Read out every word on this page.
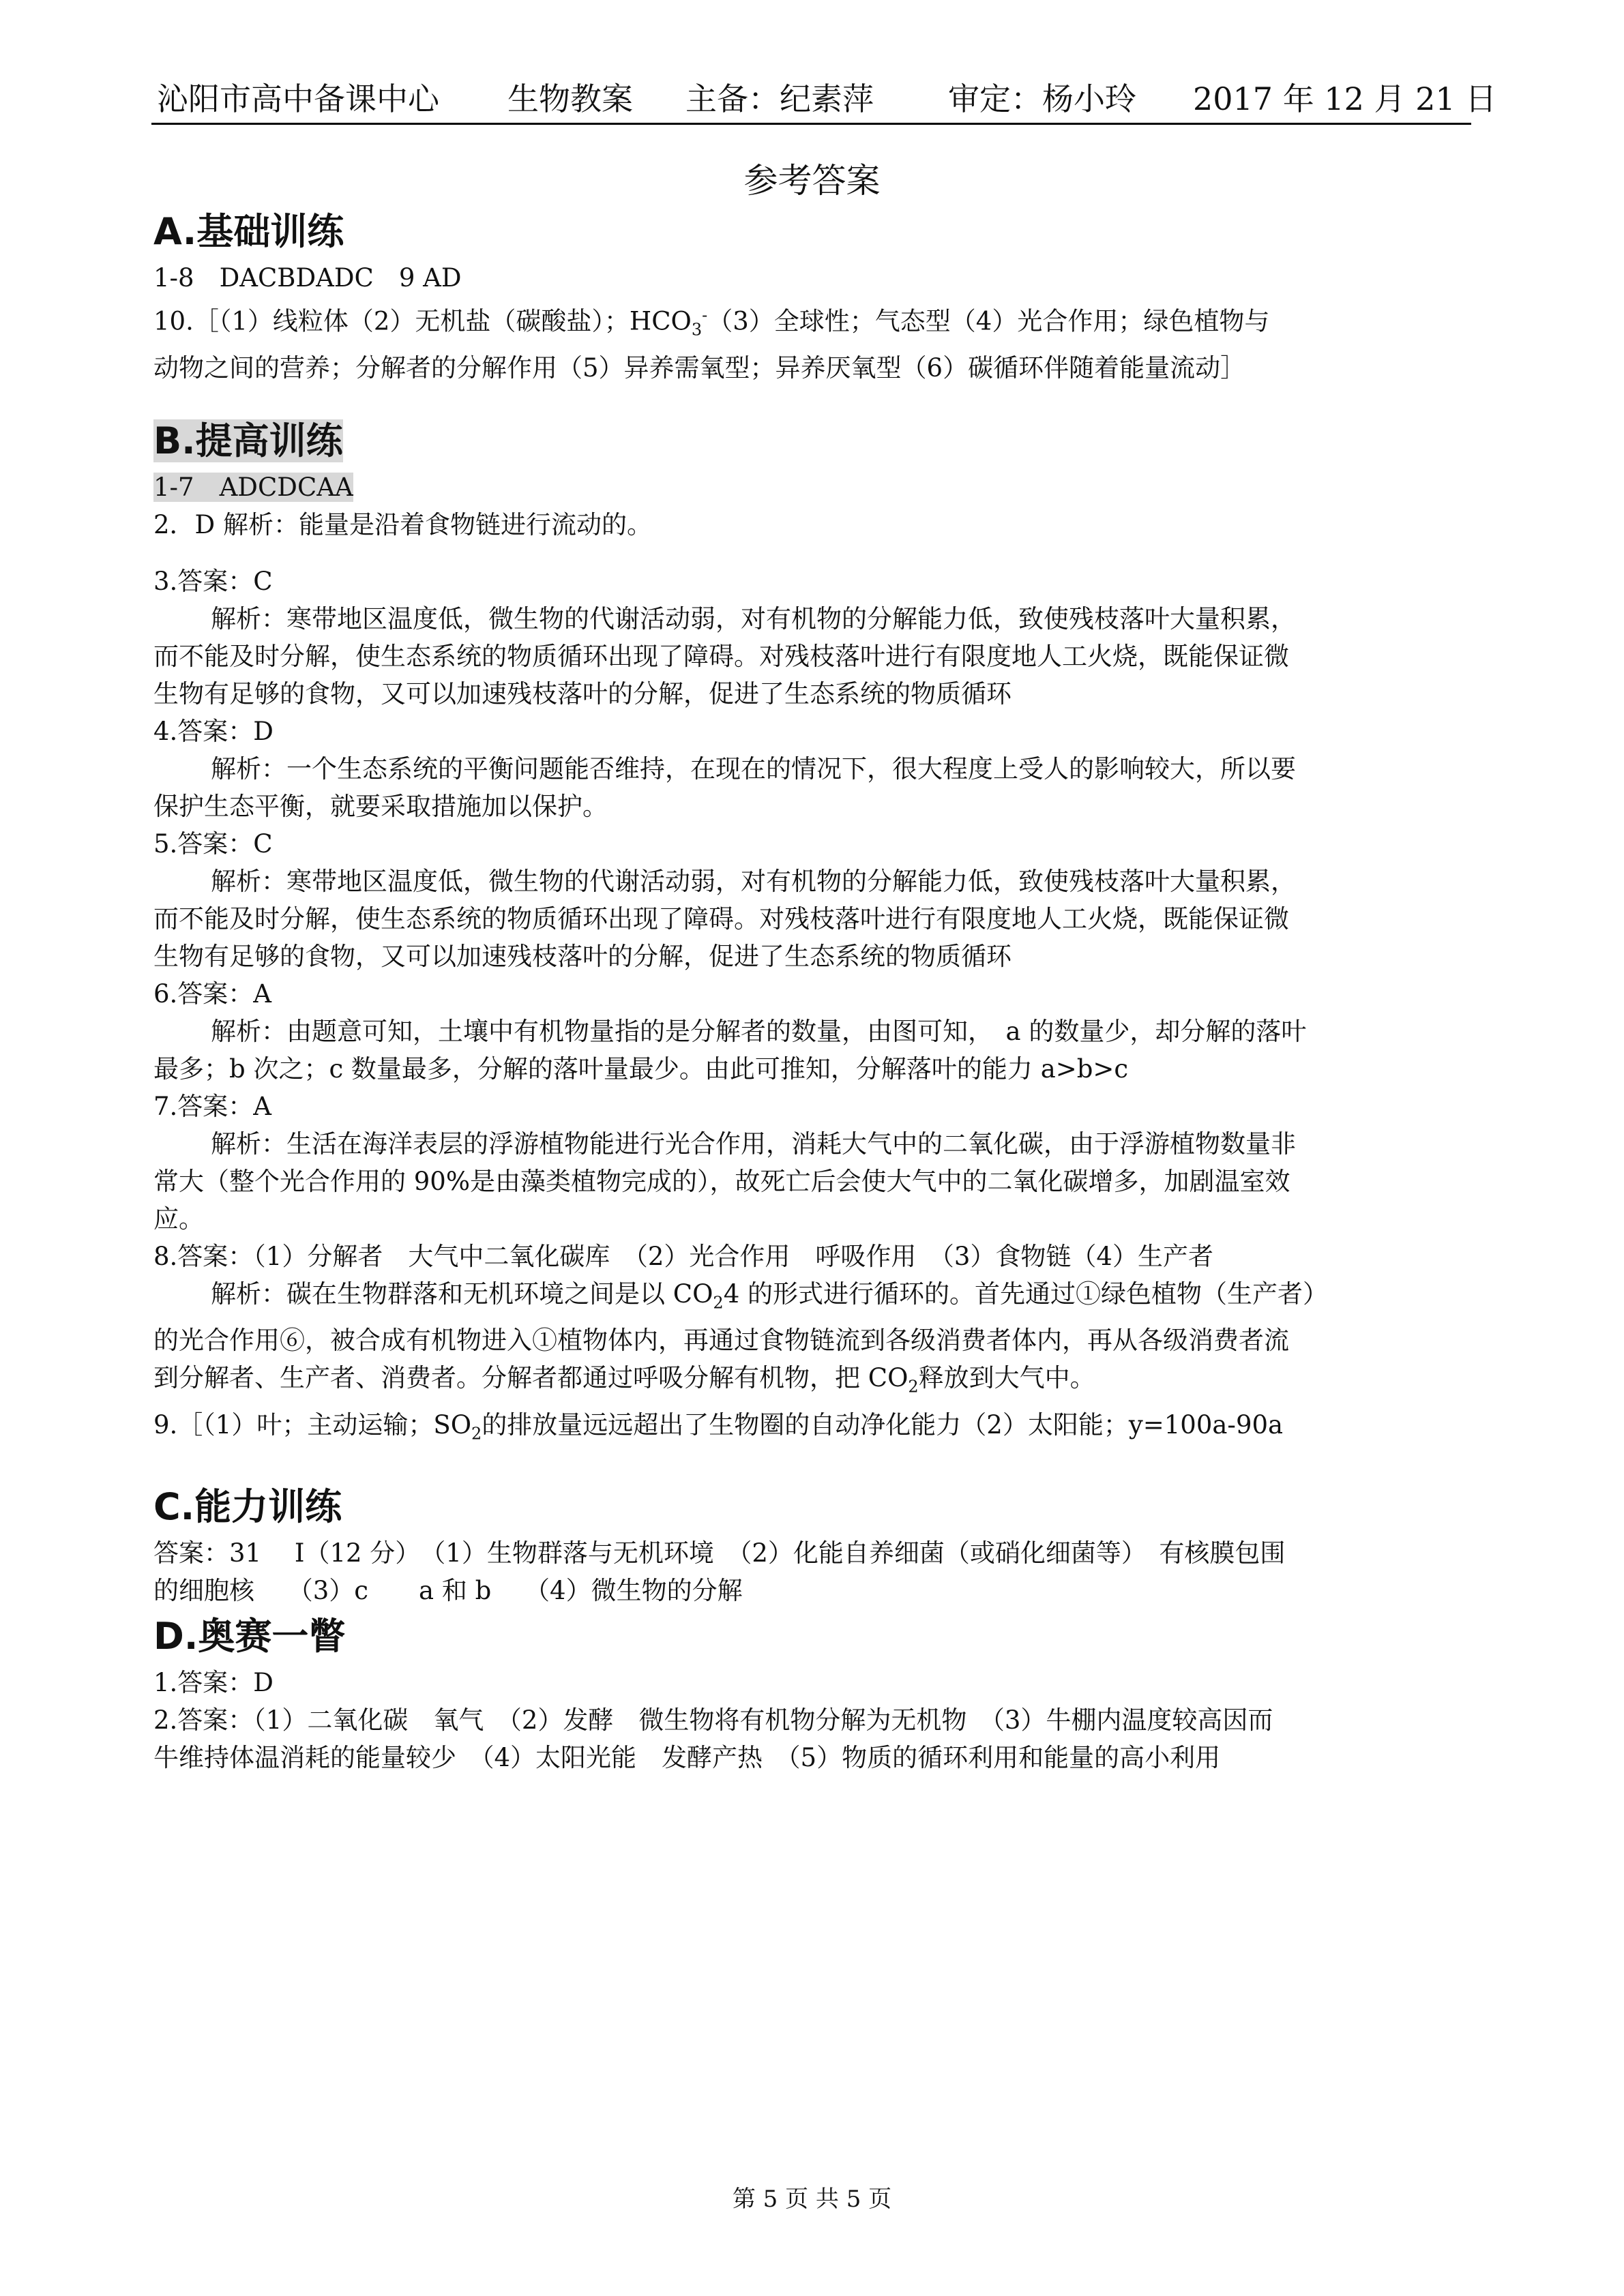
沁阳市高中备课中心 生物教案 主备：纪素萍 审定：杨小玲 2017 年 12 月 21 日
参考答案

A.基础训练

1-8　DACBDADC　9 AD

10.［（1）线粒体（2）无机盐（碳酸盐）；$HCO_3^-(3)$全球性；气态型（4）光合作用；绿色植物与

动物之间的营养；分解者的分解作用（5）异养需氧型；异养厌氧型（6）碳循环伴随着能量流动］

B.提高训练

1-7　ADCDCAA

2．D 解析：能量是沿着食物链进行流动的。

3.答案：C

解析：寒带地区温度低，微生物的代谢活动弱，对有机物的分解能力低，致使残枝落叶大量积累，

而不能及时分解，使生态系统的物质循环出现了障碍。对残枝落叶进行有限度地人工火烧，既能保证微

生物有足够的食物，又可以加速残枝落叶的分解，促进了生态系统的物质循环

4.答案：D

解析：一个生态系统的平衡问题能否维持，在现在的情况下，很大程度上受人的影响较大，所以要

保护生态平衡，就要采取措施加以保护。

5.答案：C

解析：寒带地区温度低，微生物的代谢活动弱，对有机物的分解能力低，致使残枝落叶大量积累，

而不能及时分解，使生态系统的物质循环出现了障碍。对残枝落叶进行有限度地人工火烧，既能保证微

生物有足够的食物，又可以加速残枝落叶的分解，促进了生态系统的物质循环

6.答案：A

解析：由题意可知，土壤中有机物量指的是分解者的数量，由图可知，　a 的数量少，却分解的落叶

最多；b 次之；c 数量最多，分解的落叶量最少。由此可推知，分解落叶的能力 a>b>c

7.答案：A

解析：生活在海洋表层的浮游植物能进行光合作用，消耗大气中的二氧化碳，由于浮游植物数量非

常大（整个光合作用的 90%是由藻类植物完成的），故死亡后会使大气中的二氧化碳增多，加剧温室效

应。

8.答案：（1）分解者　大气中二氧化碳库　（2）光合作用　呼吸作用　（3）食物链（4）生产者

解析：碳在生物群落和无机环境之间是以 $CO_24$ 的形式进行循环的。首先通过①绿色植物（生产者）

的光合作用⑥，被合成有机物进入①植物体内，再通过食物链流到各级消费者体内，再从各级消费者流

到分解者、生产者、消费者。分解者都通过呼吸分解有机物，把 $CO_2$释放到大气中。

9.［（1）叶；主动运输；$SO_2$的排放量远远超出了生物圈的自动净化能力（2）太阳能；y=100a-90a

C.能力训练

答案：31　 Ⅰ（12 分）　（1）生物群落与无机环境　（2）化能自养细菌（或硝化细菌等）　有核膜包围

的细胞核　 （3）c　　a 和 b　 （4）微生物的分解

D.奥赛一瞥

1.答案：D

2.答案：（1）二氧化碳　氧气　（2）发酵　微生物将有机物分解为无机物　（3）牛棚内温度较高因而

牛维持体温消耗的能量较少　（4）太阳光能　发酵产热　（5）物质的循环利用和能量的高小利用

第 5 页 共 5 页
